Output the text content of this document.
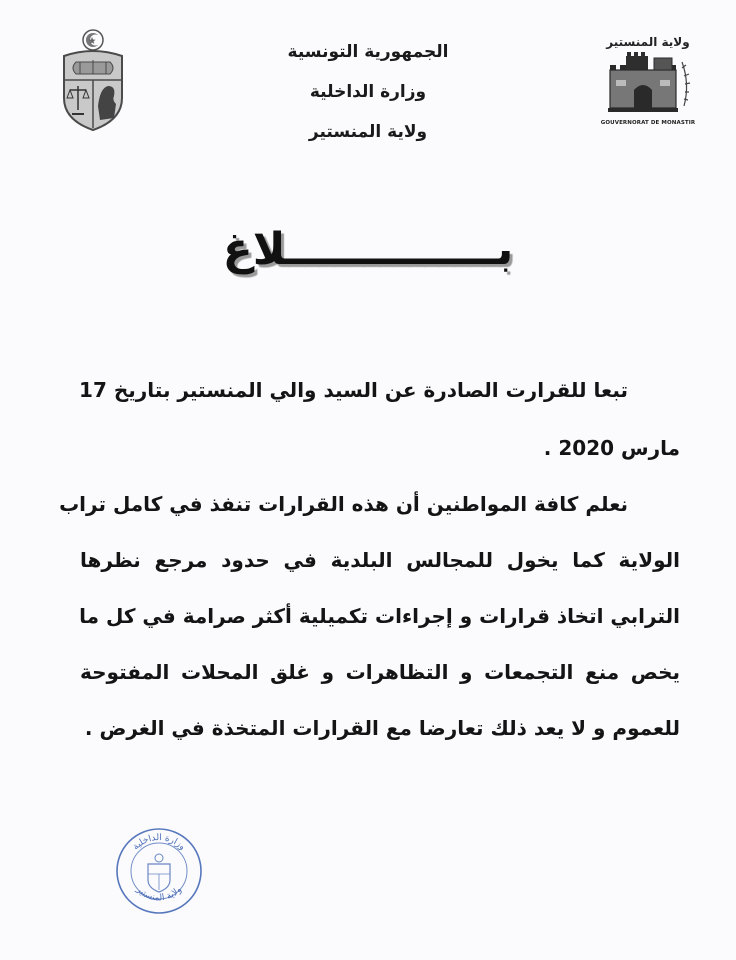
الجمهورية التونسية
وزارة الداخلية
ولاية المنستير
ولاية المنستير
GOUVERNORAT DE MONASTIR
بــــــــــــــلاغ
تبعا للقرارت الصادرة عن السيد والي المنستير بتاريخ 17
مارس 2020 .
نعلم كافة المواطنين أن هذه القرارات تنفذ في كامل تراب
الولاية كما يخول للمجالس البلدية في حدود مرجع نظرها
الترابي اتخاذ قرارات و إجراءات تكميلية أكثر صرامة في كل ما
يخص منع التجمعات و التظاهرات و غلق المحلات المفتوحة
للعموم و لا يعد ذلك تعارضا مع القرارات المتخذة في الغرض .
وزارة الداخلية
ولاية المنستير
